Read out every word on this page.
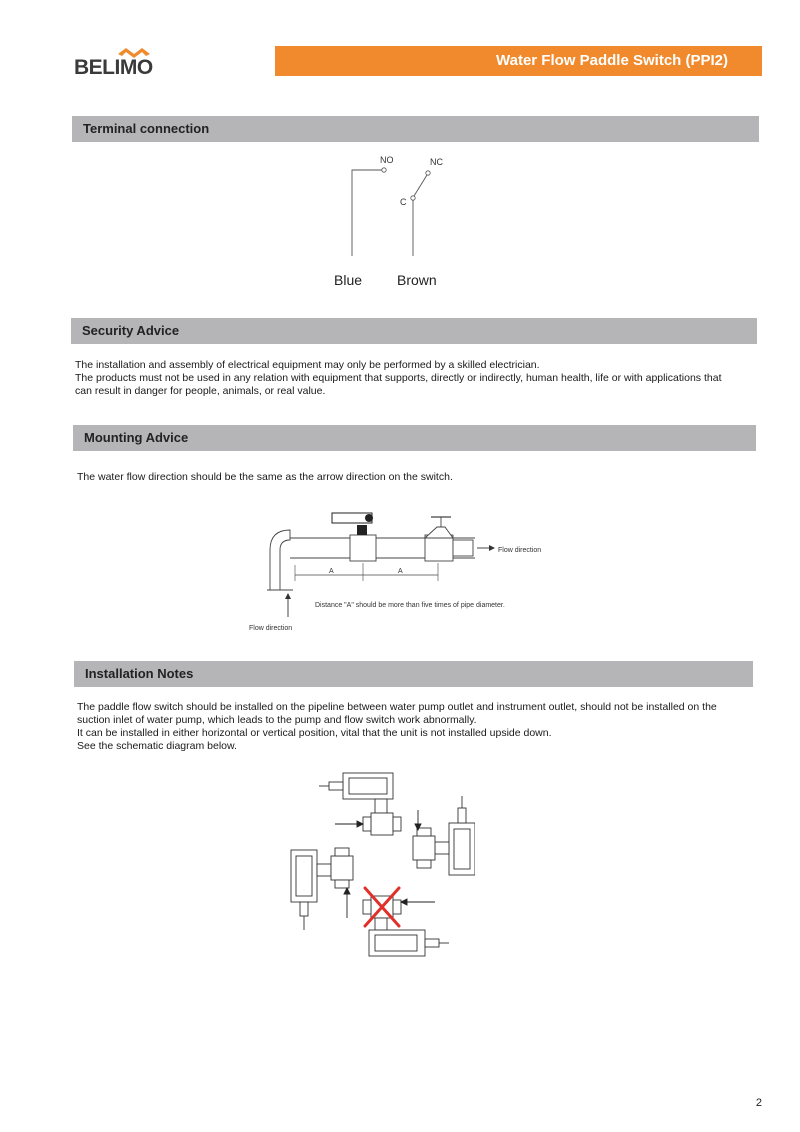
BELIMO	Water Flow Paddle Switch (PPI2)
Terminal connection
NO	NC
C
Blue Brown
Security Advice

The installation and assembly of electrical equipment may only be performed by a skilled electrician.

The products must not be used in any relation with equipment that supports, directly or indirectly, human health, life or with applications that

can result in danger for people, animals, or real value.

Mounting Advice
The water flow direction should be the same as the arrow direction on the switch.
Flow direction
A	A
Distance "A" should be more than five times of pipe diameter.
Flow direction
Installation Notes

The paddle flow switch should be installed on the pipeline between water pump outlet and instrument outlet, should not be installed on the

suction inlet of water pump, which leads to the pump and flow switch work abnormally.

It can be installed in either horizontal or vertical position, vital that the unit is not installed upside down.

See the schematic diagram below.

2
